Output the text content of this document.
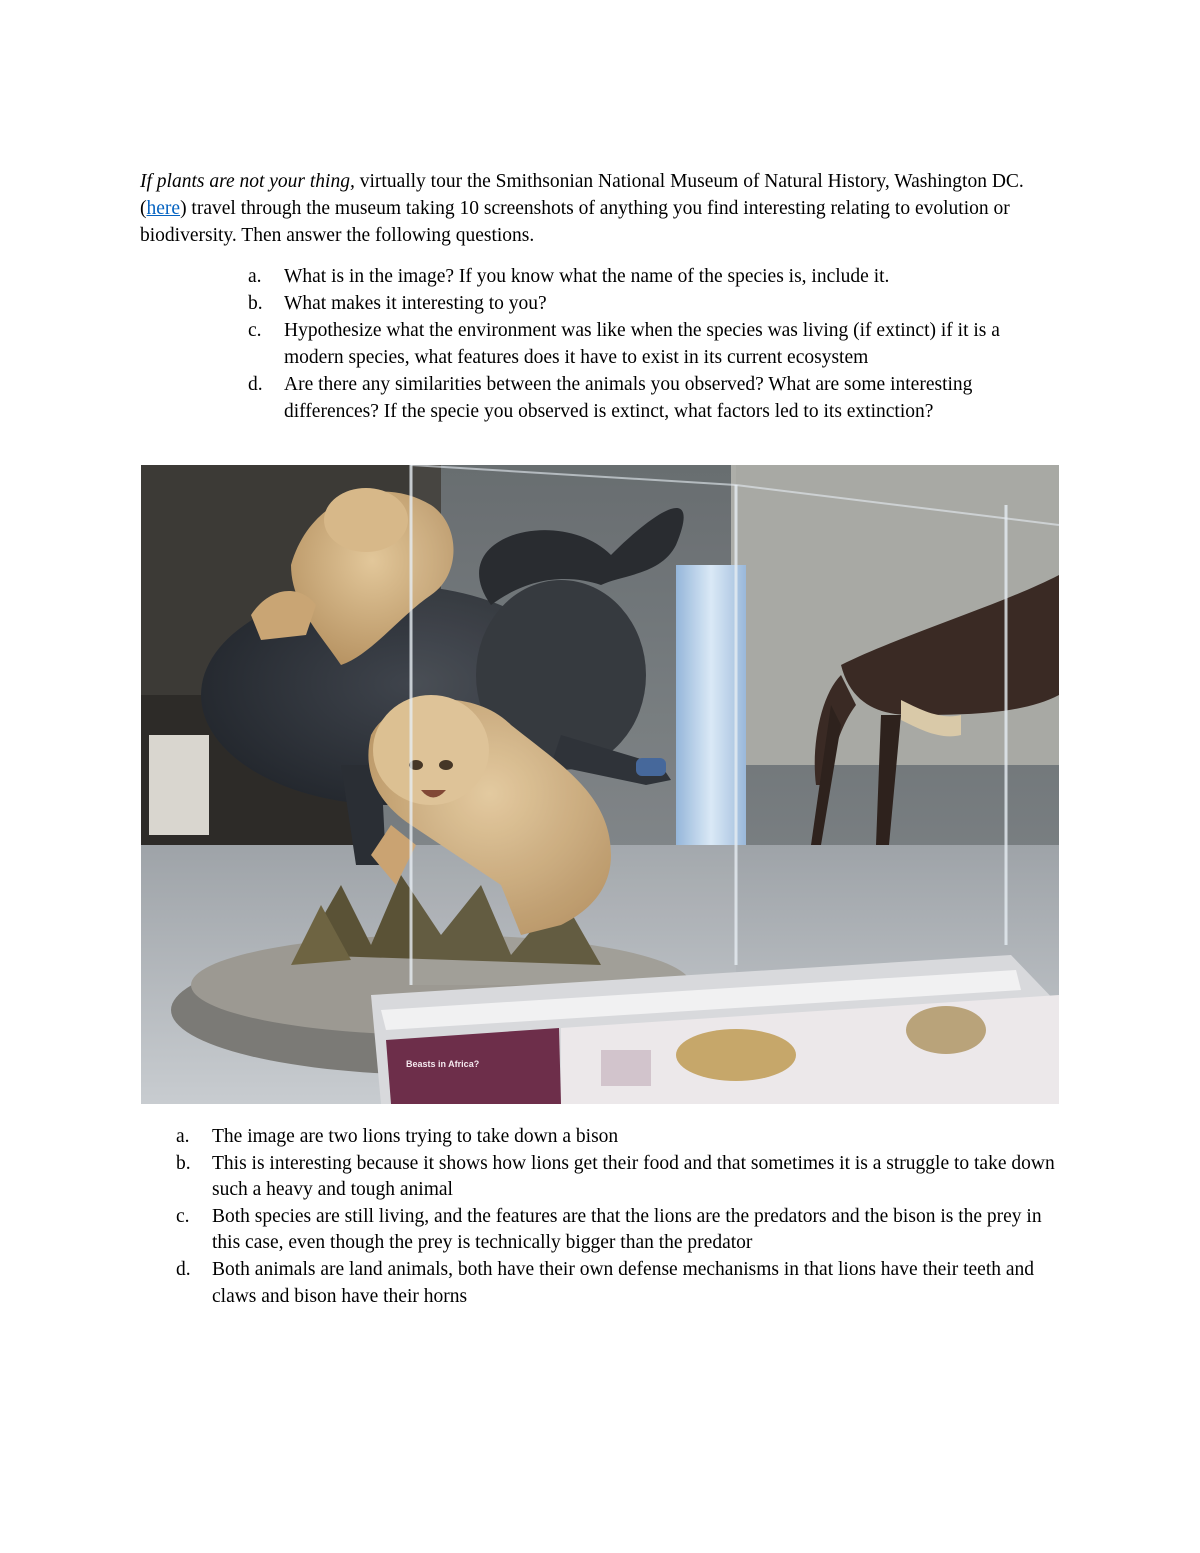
If plants are not your thing, virtually tour the Smithsonian National Museum of Natural History, Washington DC. (here) travel through the museum taking 10 screenshots of anything you find interesting relating to evolution or biodiversity. Then answer the following questions.

a. What is in the image? If you know what the name of the species is, include it.
b. What makes it interesting to you?
c. Hypothesize what the environment was like when the species was living (if extinct) if it is a modern species, what features does it have to exist in its current ecosystem
d. Are there any similarities between the animals you observed? What are some interesting differences? If the specie you observed is extinct, what factors led to its extinction?
Beasts in Africa?
a. The image are two lions trying to take down a bison
b. This is interesting because it shows how lions get their food and that sometimes it is a struggle to take down such a heavy and tough animal
c. Both species are still living, and the features are that the lions are the predators and the bison is the prey in this case, even though the prey is technically bigger than the predator
d. Both animals are land animals, both have their own defense mechanisms in that lions have their teeth and claws and bison have their horns
